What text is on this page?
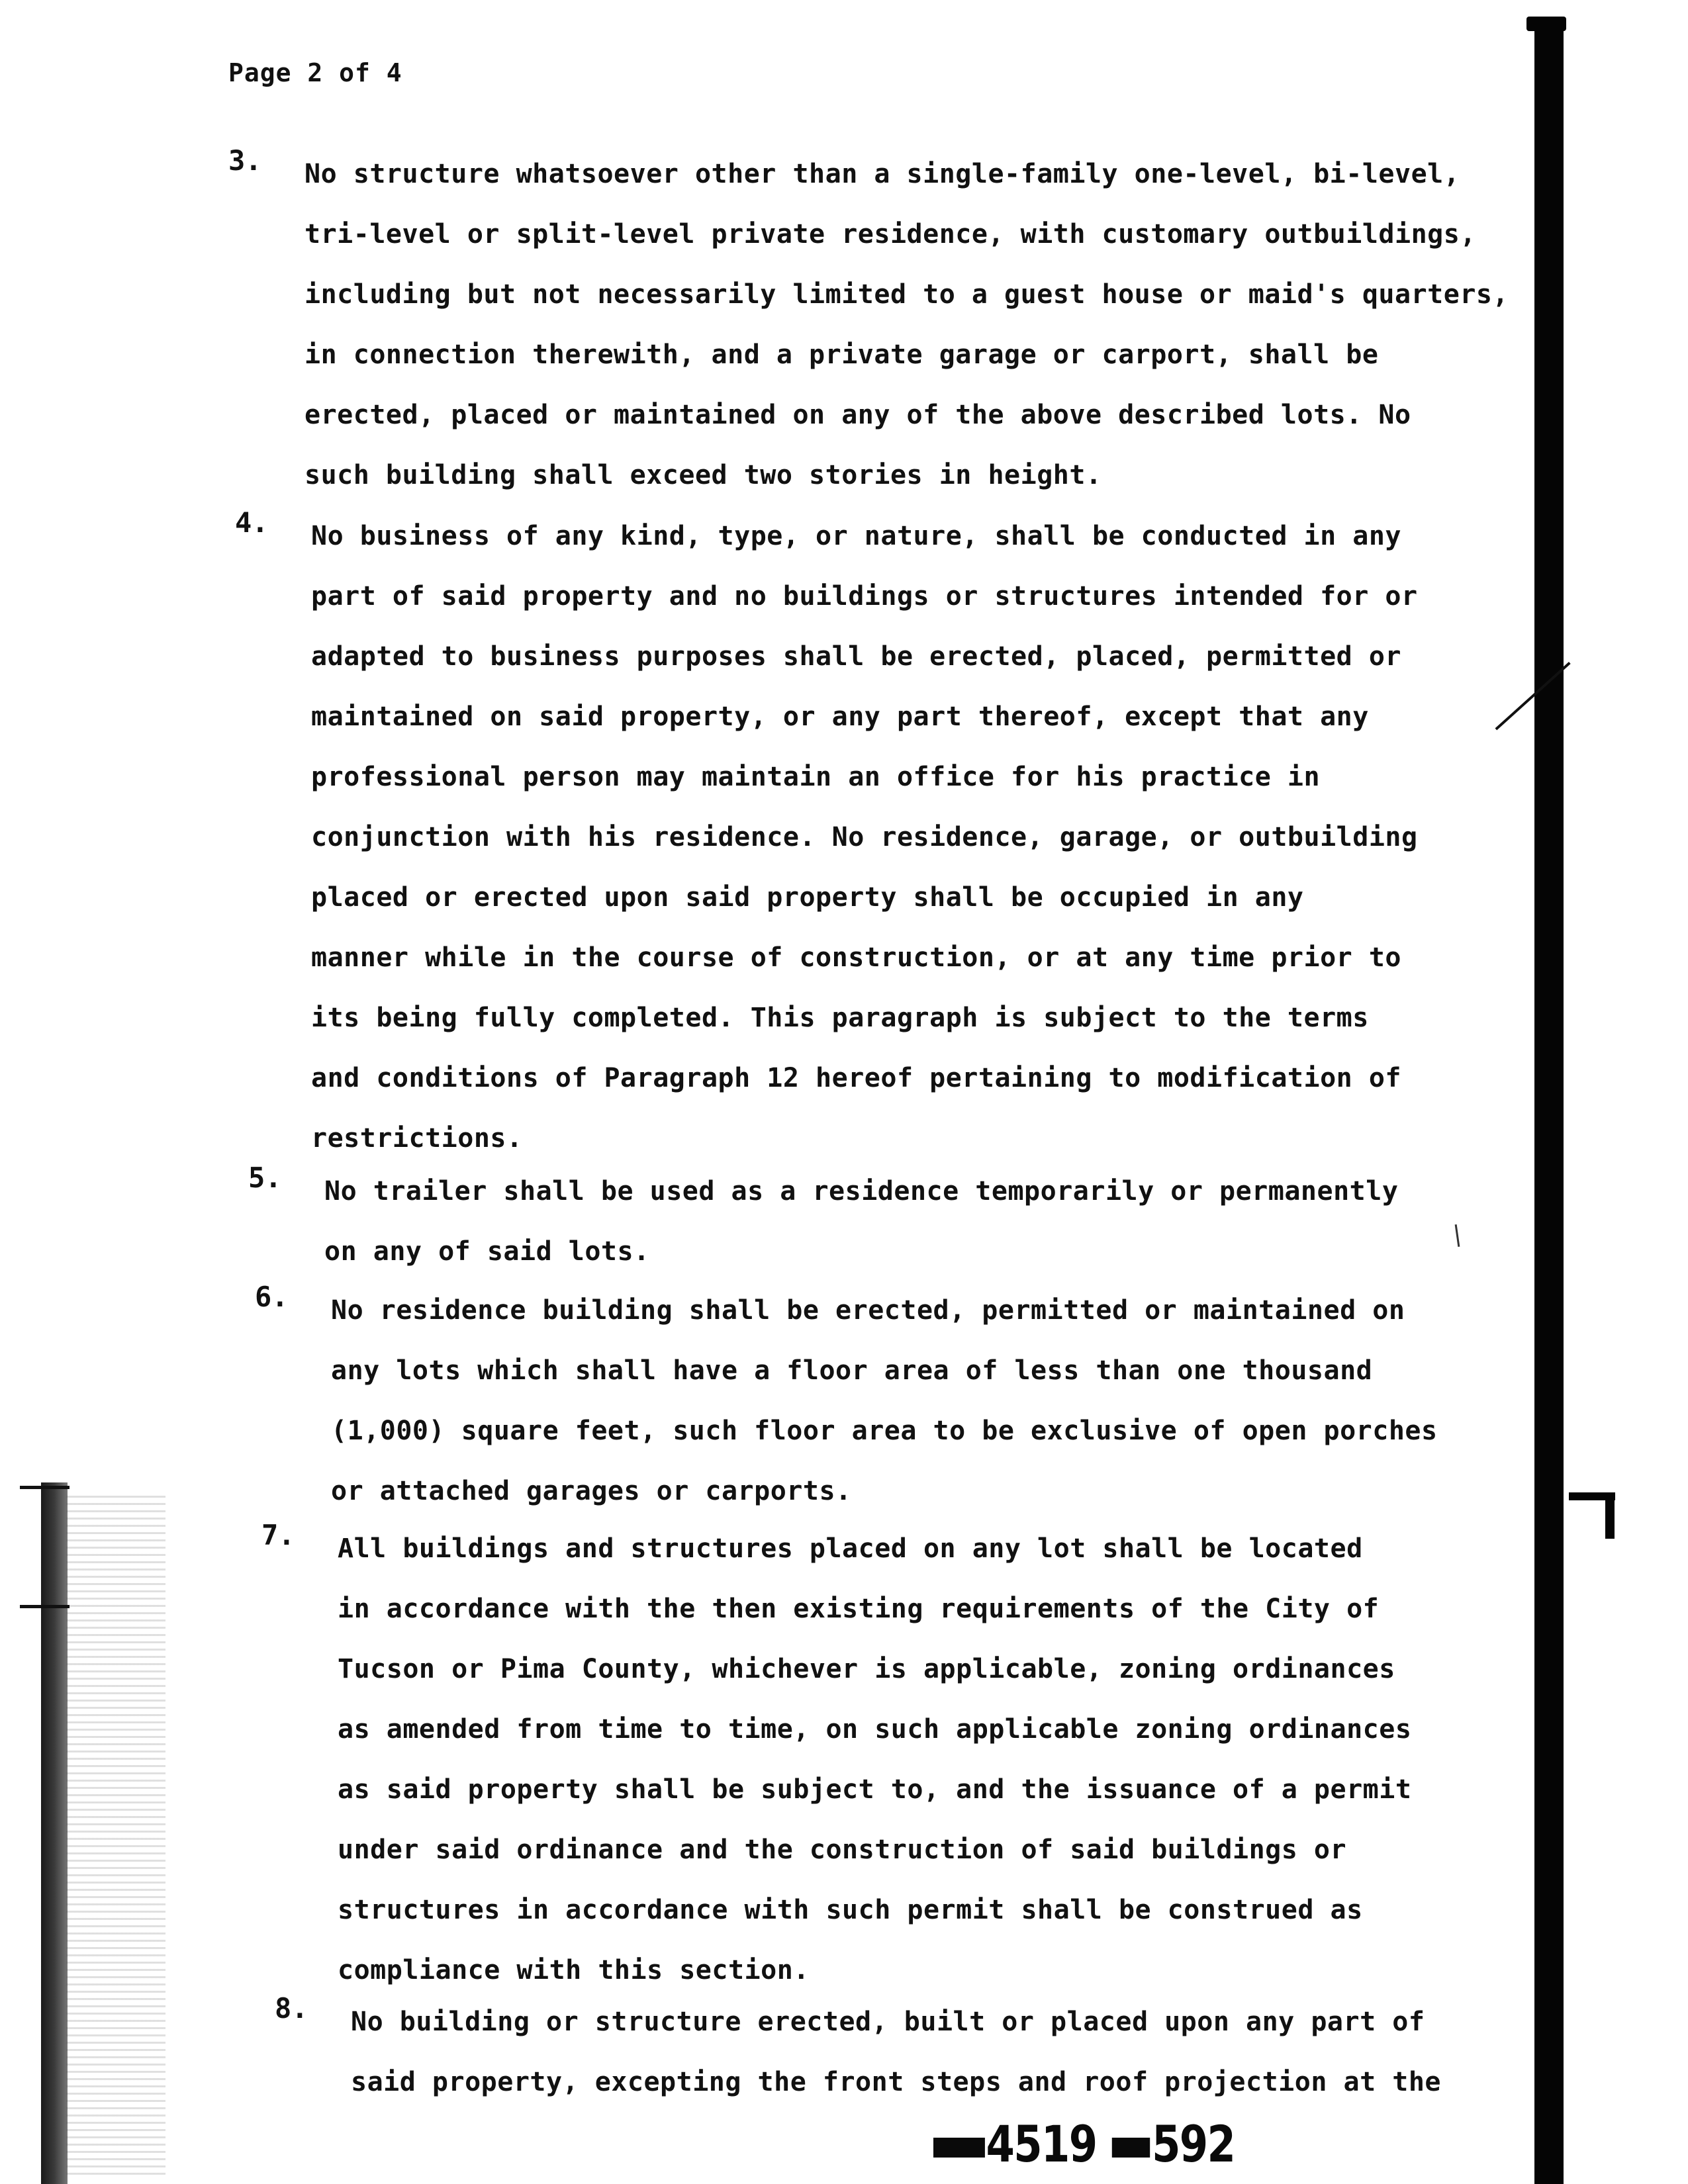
Page 2 of 4
3. No structure whatsoever other than a single-family one-level, bi-level,
tri-level or split-level private residence, with customary outbuildings,
including but not necessarily limited to a guest house or maid's quarters,
in connection therewith, and a private garage or carport, shall be
erected, placed or maintained on any of the above described lots. No
such building shall exceed two stories in height.
4. No business of any kind, type, or nature, shall be conducted in any
part of said property and no buildings or structures intended for or
adapted to business purposes shall be erected, placed, permitted or
maintained on said property, or any part thereof, except that any
professional person may maintain an office for his practice in
conjunction with his residence. No residence, garage, or outbuilding
placed or erected upon said property shall be occupied in any
manner while in the course of construction, or at any time prior to
its being fully completed. This paragraph is subject to the terms
and conditions of Paragraph 12 hereof pertaining to modification of
restrictions.
5. No trailer shall be used as a residence temporarily or permanently
on any of said lots.
6. No residence building shall be erected, permitted or maintained on
any lots which shall have a floor area of less than one thousand
(1,000) square feet, such floor area to be exclusive of open porches
or attached garages or carports.
7. All buildings and structures placed on any lot shall be located
in accordance with the then existing requirements of the City of
Tucson or Pima County, whichever is applicable, zoning ordinances
as amended from time to time, on such applicable zoning ordinances
as said property shall be subject to, and the issuance of a permit
under said ordinance and the construction of said buildings or
structures in accordance with such permit shall be construed as
compliance with this section.
8. No building or structure erected, built or placed upon any part of
said property, excepting the front steps and roof projection at the
4519 592
